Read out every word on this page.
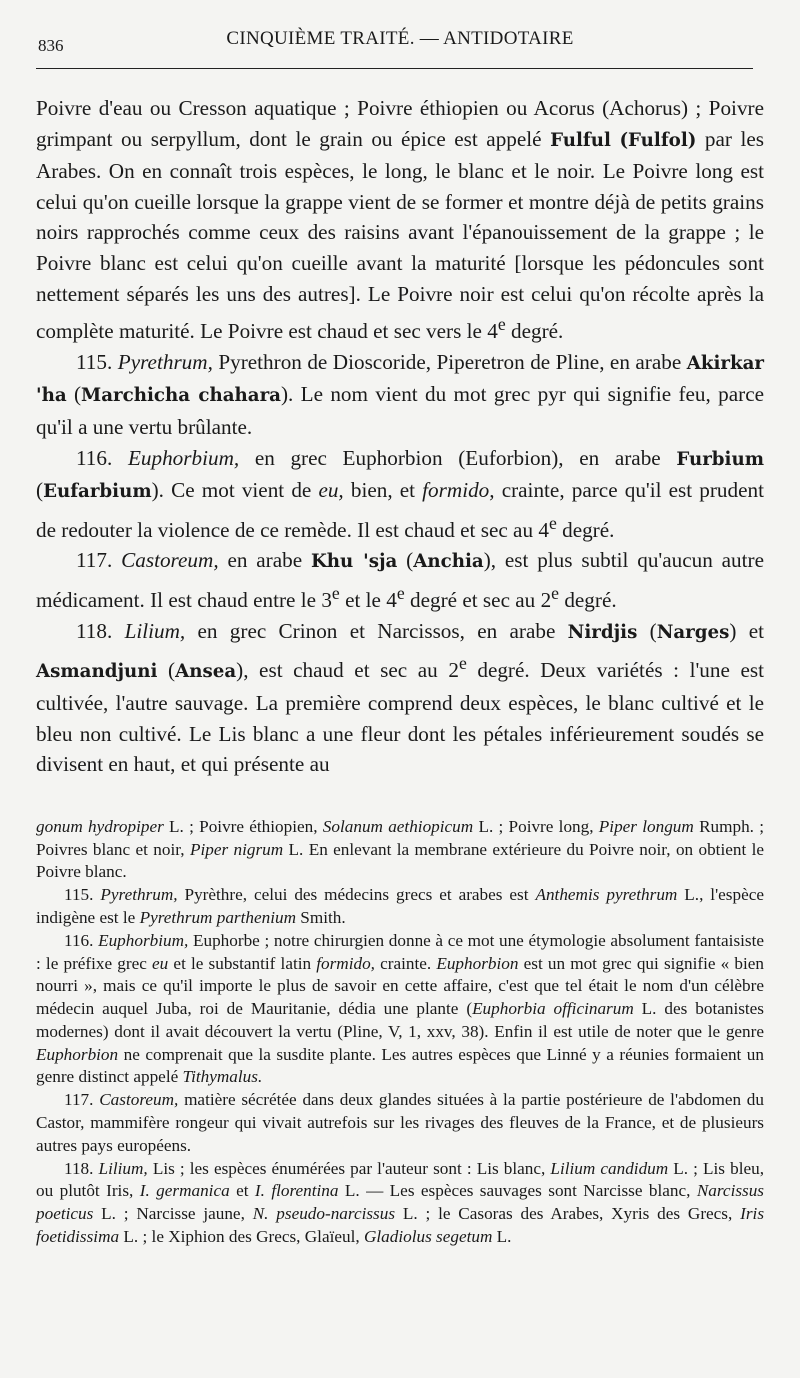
836	CINQUIÈME TRAITÉ. — ANTIDOTAIRE

Poivre d'eau ou Cresson aquatique ; Poivre éthiopien ou Acorus (Achorus) ; Poivre grimpant ou serpyllum, dont le grain ou épice est appelé Fulful (Fulfol) par les Arabes. On en connaît trois espèces, le long, le blanc et le noir. Le Poivre long est celui qu'on cueille lorsque la grappe vient de se former et montre déjà de petits grains noirs rapprochés comme ceux des raisins avant l'épanouissement de la grappe ; le Poivre blanc est celui qu'on cueille avant la maturité [lorsque les pédoncules sont nettement séparés les uns des autres]. Le Poivre noir est celui qu'on récolte après la complète maturité. Le Poivre est chaud et sec vers le 4e degré.

115. Pyrethrum, Pyrethron de Dioscoride, Piperetron de Pline, en arabe Akirkar 'ha (Marchicha chahara). Le nom vient du mot grec pyr qui signifie feu, parce qu'il a une vertu brûlante.

116. Euphorbium, en grec Euphorbion (Euforbion), en arabe Furbium (Eufarbium). Ce mot vient de eu, bien, et formido, crainte, parce qu'il est prudent de redouter la violence de ce remède. Il est chaud et sec au 4e degré.

117. Castoreum, en arabe Khu 'sja (Anchia), est plus subtil qu'aucun autre médicament. Il est chaud entre le 3e et le 4e degré et sec au 2e degré.

118. Lilium, en grec Crinon et Narcissos, en arabe Nirdjis (Narges) et Asmandjuni (Ansea), est chaud et sec au 2e degré. Deux variétés : l'une est cultivée, l'autre sauvage. La première comprend deux espèces, le blanc cultivé et le bleu non cultivé. Le Lis blanc a une fleur dont les pétales inférieurement soudés se divisent en haut, et qui présente au

gonum hydropiper L. ; Poivre éthiopien, Solanum aethiopicum L. ; Poivre long, Piper longum Rumph. ; Poivres blanc et noir, Piper nigrum L. En enlevant la membrane extérieure du Poivre noir, on obtient le Poivre blanc.

115. Pyrethrum, Pyrèthre, celui des médecins grecs et arabes est Anthemis pyrethrum L., l'espèce indigène est le Pyrethrum parthenium Smith.

116. Euphorbium, Euphorbe ; notre chirurgien donne à ce mot une étymologie absolument fantaisiste : le préfixe grec eu et le substantif latin formido, crainte. Euphorbion est un mot grec qui signifie « bien nourri », mais ce qu'il importe le plus de savoir en cette affaire, c'est que tel était le nom d'un célèbre médecin auquel Juba, roi de Mauritanie, dédia une plante (Euphorbia officinarum L. des botanistes modernes) dont il avait découvert la vertu (Pline, V, 1, xxv, 38). Enfin il est utile de noter que le genre Euphorbion ne comprenait que la susdite plante. Les autres espèces que Linné y a réunies formaient un genre distinct appelé Tithymalus.

117. Castoreum, matière sécrétée dans deux glandes situées à la partie postérieure de l'abdomen du Castor, mammifère rongeur qui vivait autrefois sur les rivages des fleuves de la France, et de plusieurs autres pays européens.

118. Lilium, Lis ; les espèces énumérées par l'auteur sont : Lis blanc, Lilium candidum L. ; Lis bleu, ou plutôt Iris, I. germanica et I. florentina L. — Les espèces sauvages sont Narcisse blanc, Narcissus poeticus L. ; Narcisse jaune, N. pseudo-narcissus L. ; le Casoras des Arabes, Xyris des Grecs, Iris foetidissima L. ; le Xiphion des Grecs, Glaïeul, Gladiolus segetum L.
